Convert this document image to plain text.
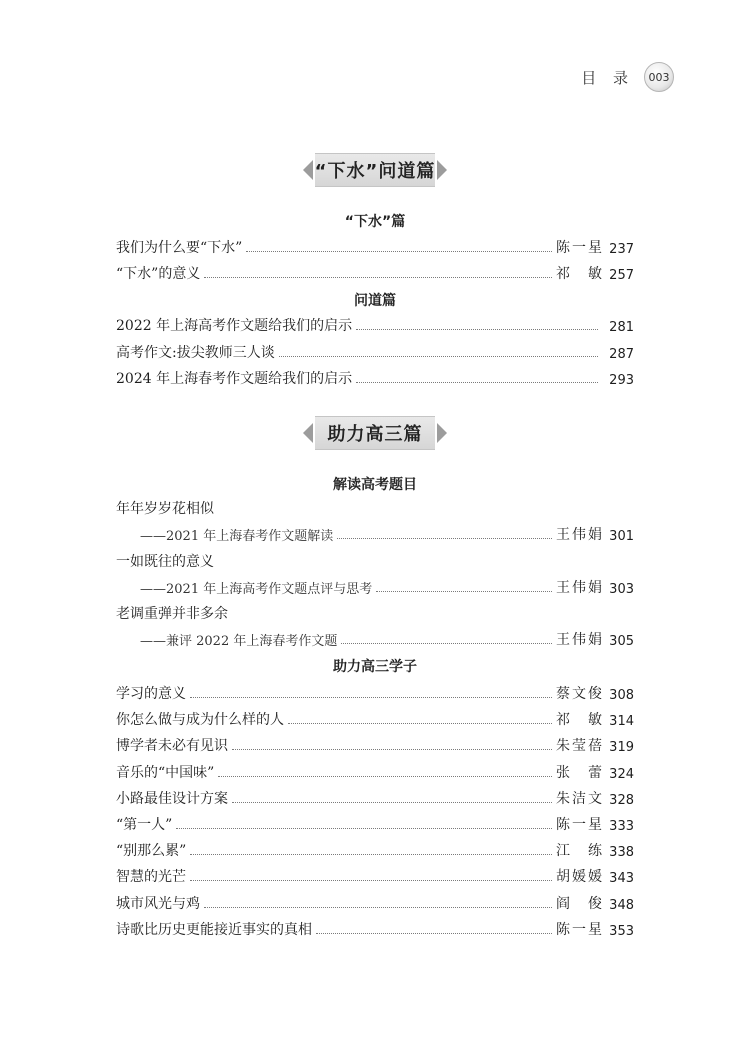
目 录	003
“下水”问道篇
“下水”篇
我们为什么要“下水”	陈一星 237
“下水”的意义	祁　敏 257
问道篇
2022 年上海高考作文题给我们的启示	281
高考作文:拔尖教师三人谈	287
2024 年上海春考作文题给我们的启示	293
助力高三篇
解读高考题目
年年岁岁花相似
——2021 年上海春考作文题解读	王伟娟 301
一如既往的意义
——2021 年上海高考作文题点评与思考	王伟娟 303
老调重弹并非多余
——兼评 2022 年上海春考作文题	王伟娟 305
助力高三学子
学习的意义	蔡文俊 308
你怎么做与成为什么样的人	祁　敏 314
博学者未必有见识	朱莹蓓 319
音乐的“中国味”	张　蕾 324
小路最佳设计方案	朱洁文 328
“第一人”	陈一星 333
“别那么累”	江　练 338
智慧的光芒	胡媛媛 343
城市风光与鸡	阎　俊 348
诗歌比历史更能接近事实的真相	陈一星 353
